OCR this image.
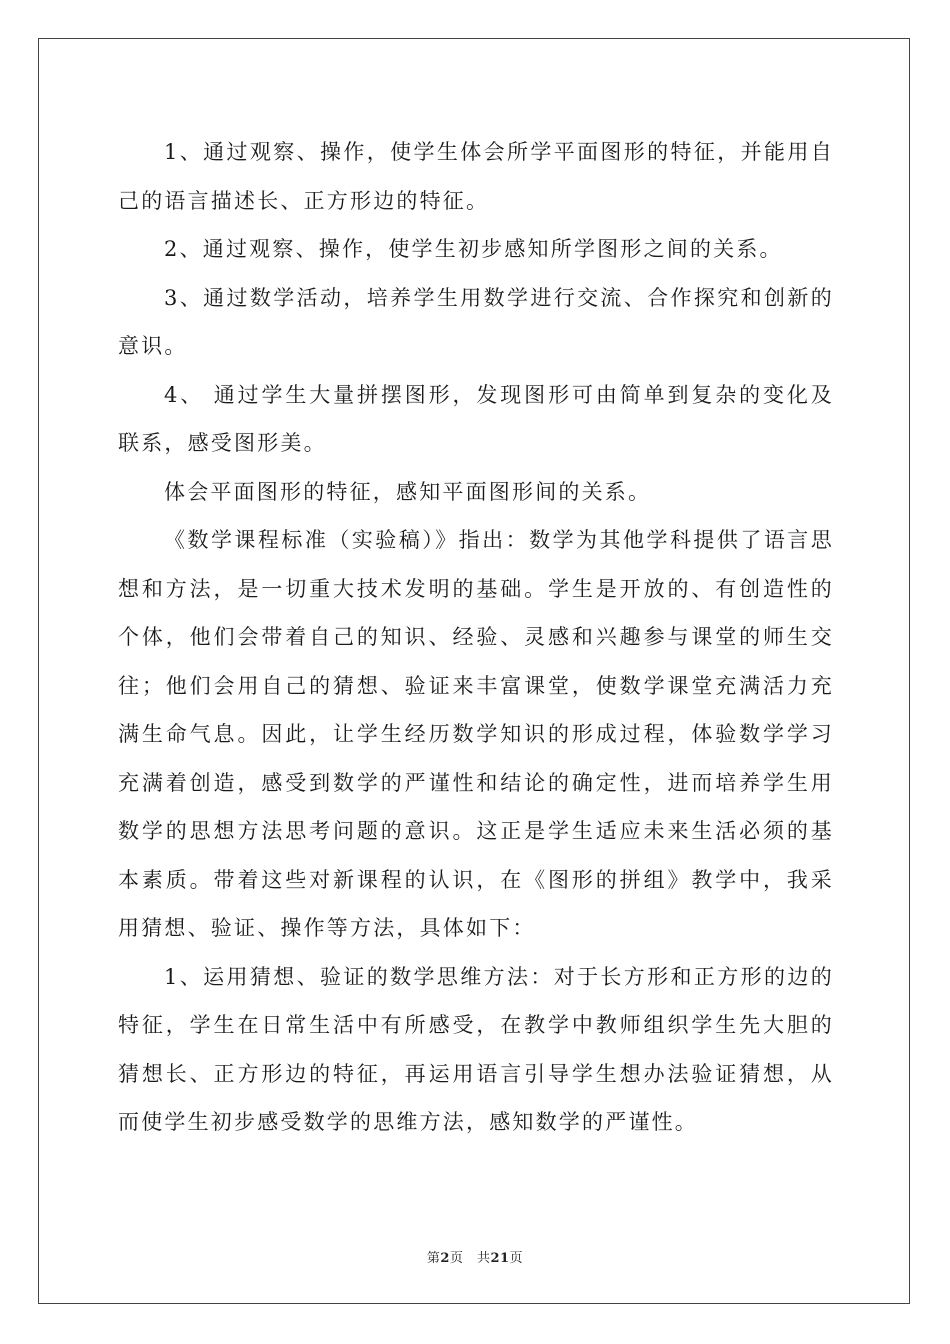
1、通过观察、操作，使学生体会所学平面图形的特征，并能用自己的语言描述长、正方形边的特征。

2、通过观察、操作，使学生初步感知所学图形之间的关系。

3、通过数学活动，培养学生用数学进行交流、合作探究和创新的意识。

4、 通过学生大量拼摆图形，发现图形可由简单到复杂的变化及联系，感受图形美。

体会平面图形的特征，感知平面图形间的关系。

《数学课程标准（实验稿）》指出：数学为其他学科提供了语言思想和方法，是一切重大技术发明的基础。学生是开放的、有创造性的个体，他们会带着自己的知识、经验、灵感和兴趣参与课堂的师生交往；他们会用自己的猜想、验证来丰富课堂，使数学课堂充满活力充满生命气息。因此，让学生经历数学知识的形成过程，体验数学学习充满着创造，感受到数学的严谨性和结论的确定性，进而培养学生用数学的思想方法思考问题的意识。这正是学生适应未来生活必须的基本素质。带着这些对新课程的认识，在《图形的拼组》教学中，我采用猜想、验证、操作等方法，具体如下：

1、运用猜想、验证的数学思维方法：对于长方形和正方形的边的特征，学生在日常生活中有所感受，在教学中教师组织学生先大胆的猜想长、正方形边的特征，再运用语言引导学生想办法验证猜想，从而使学生初步感受数学的思维方法，感知数学的严谨性。

第2页　共21页
